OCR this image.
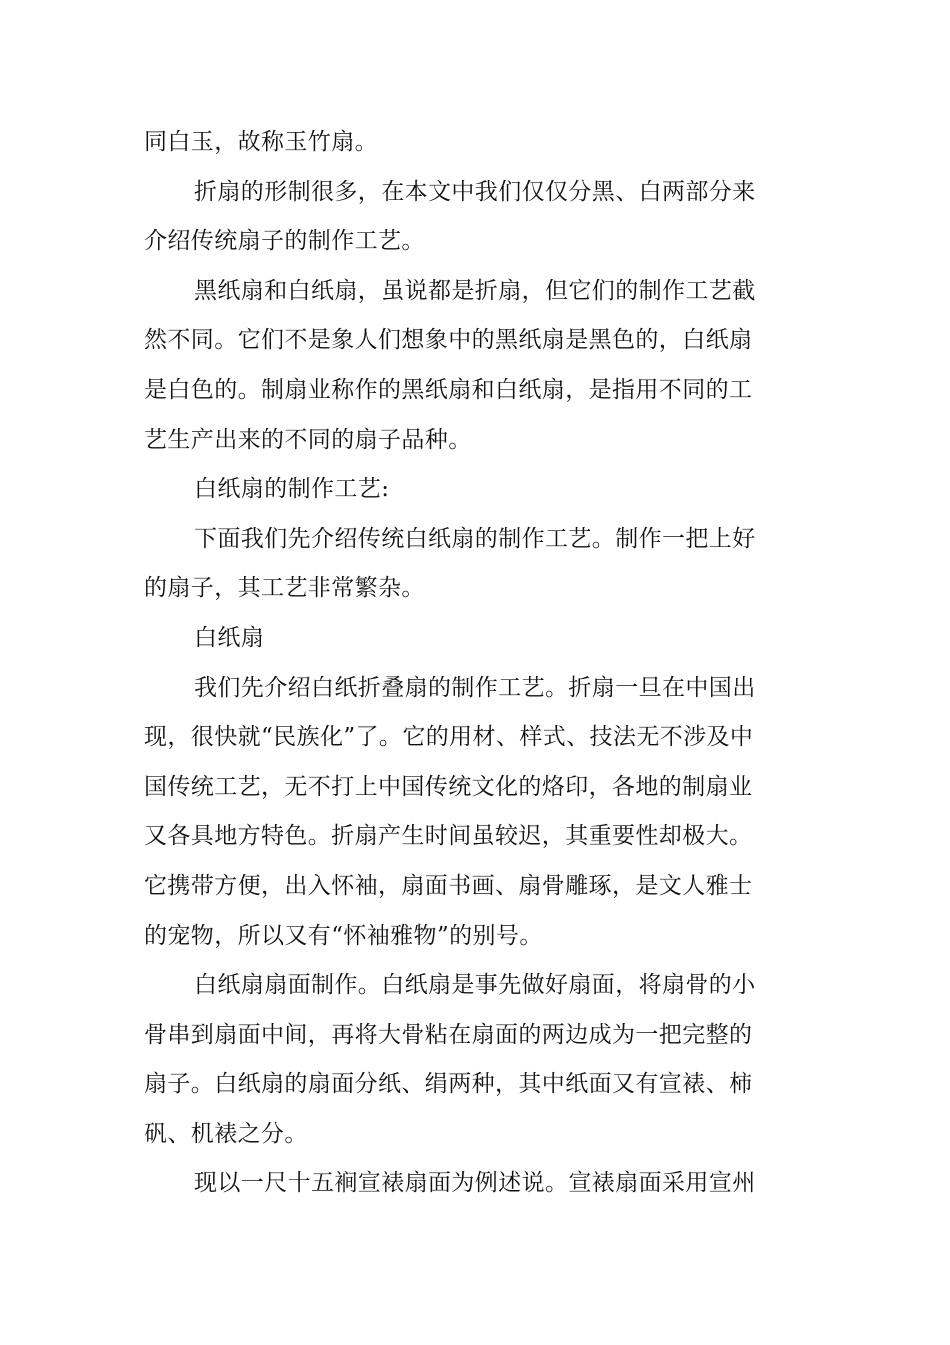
同白玉，故称玉竹扇。
折扇的形制很多，在本文中我们仅仅分黑、白两部分来
介绍传统扇子的制作工艺。
黑纸扇和白纸扇，虽说都是折扇，但它们的制作工艺截
然不同。它们不是象人们想象中的黑纸扇是黑色的，白纸扇
是白色的。制扇业称作的黑纸扇和白纸扇，是指用不同的工
艺生产出来的不同的扇子品种。
白纸扇的制作工艺:
下面我们先介绍传统白纸扇的制作工艺。制作一把上好
的扇子，其工艺非常繁杂。
白纸扇
我们先介绍白纸折叠扇的制作工艺。折扇一旦在中国出
现，很快就“民族化”了。它的用材、样式、技法无不涉及中
国传统工艺，无不打上中国传统文化的烙印，各地的制扇业
又各具地方特色。折扇产生时间虽较迟，其重要性却极大。
它携带方便，出入怀袖，扇面书画、扇骨雕琢，是文人雅士
的宠物，所以又有“怀袖雅物”的别号。
白纸扇扇面制作。白纸扇是事先做好扇面，将扇骨的小
骨串到扇面中间，再将大骨粘在扇面的两边成为一把完整的
扇子。白纸扇的扇面分纸、绢两种，其中纸面又有宣裱、柿
矾、机裱之分。
现以一尺十五裥宣裱扇面为例述说。宣裱扇面采用宣州
